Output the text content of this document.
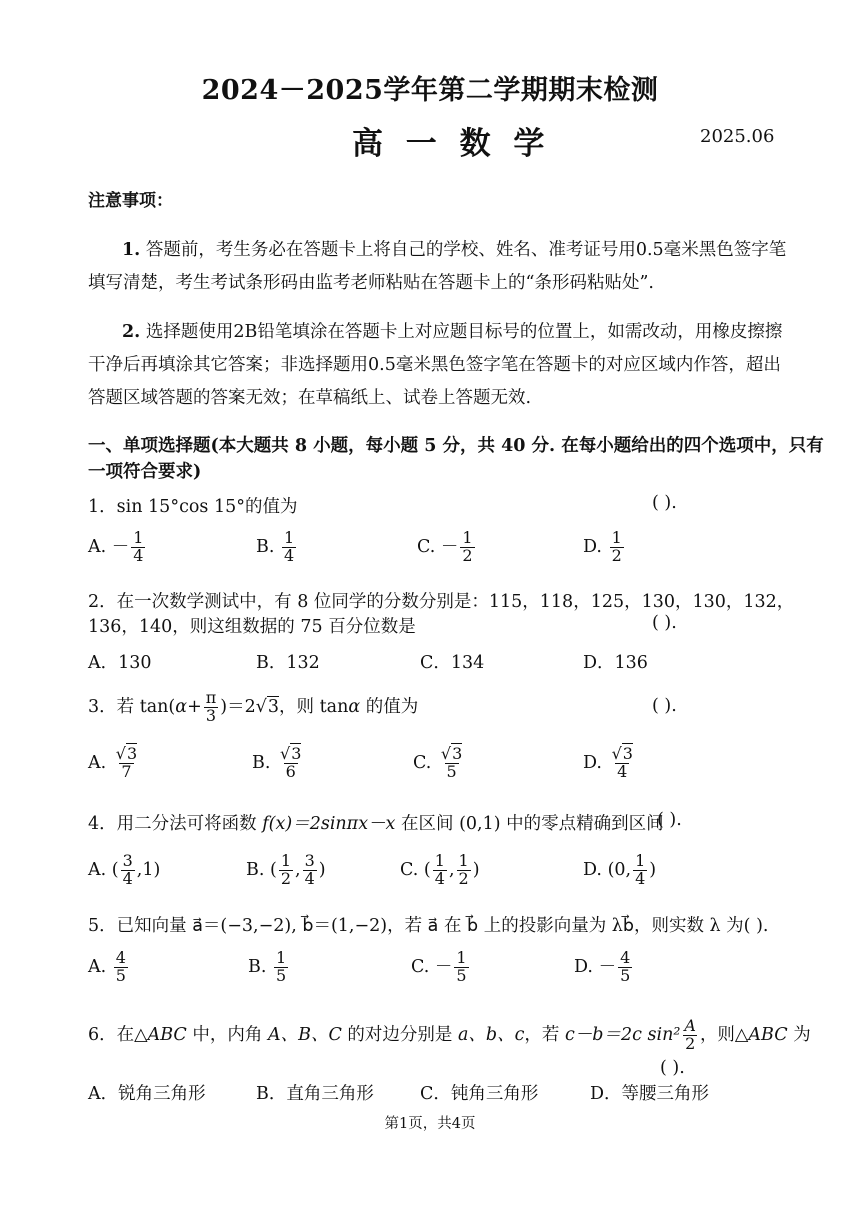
2024－2025学年第二学期期末检测
高 一 数 学	2025.06
注意事项：
1. 答题前，考生务必在答题卡上将自己的学校、姓名、准考证号用0.5毫米黑色签字笔
填写清楚，考生考试条形码由监考老师粘贴在答题卡上的“条形码粘贴处”.
2. 选择题使用2B铅笔填涂在答题卡上对应题目标号的位置上，如需改动，用橡皮擦擦
干净后再填涂其它答案；非选择题用0.5毫米黑色签字笔在答题卡的对应区域内作答，超出
答题区域答题的答案无效；在草稿纸上、试卷上答题无效.
一、单项选择题(本大题共 8 小题，每小题 5 分，共 40 分. 在每小题给出的四个选项中，只有
一项符合要求)
1．sin 15°cos 15°的值为	( ).
A. － $\frac{1}{4}$	B. $\frac{1}{4}$	C. － $\frac{1}{2}$	D. $\frac{1}{2}$
2．在一次数学测试中，有 8 位同学的分数分别是：115，118，125，130，130，132，
136，140，则这组数据的 75 百分位数是	( ).
A．130	B．132	C．134	D．136
3．若 $\tan(\alpha+ \frac{\pi}{3} )=2√3$，则 tanα 的值为	( ).
A. $\frac{√3}{7}$	B. $\frac{√3}{6}$	C. $\frac{√3}{5}$	D. $\frac{√3}{4}$
4．用二分法可将函数 f(x)＝2sinπx－x 在区间 (0,1) 中的零点精确到区间
( ).
A. ( $\frac{3}{4} ,1$)	B. ( $\frac{1}{2}$ , $\frac{3}{4}$ )	C. ( $\frac{1}{4}$ , $\frac{1}{2}$ )	D. (0, $\frac{1}{4}$ )
5．已知向量 a⃗＝(−3,−2), b⃗＝(1,−2)，若 a⃗ 在 b⃗ 上的投影向量为 λb⃗，则实数 λ 为( ).
A. $\frac{4}{5}$	B. $\frac{1}{5}$	C. － $\frac{1}{5}$	D. － $\frac{4}{5}$
6．在△ABC 中，内角 A、B、C 的对边分别是 a、b、c，若 c－b＝2c $\sin^2 \frac{A}{2}$ ，则△ABC 为
( ).
A．锐角三角形	B．直角三角形	C．钝角三角形	D．等腰三角形
第1页，共4页
